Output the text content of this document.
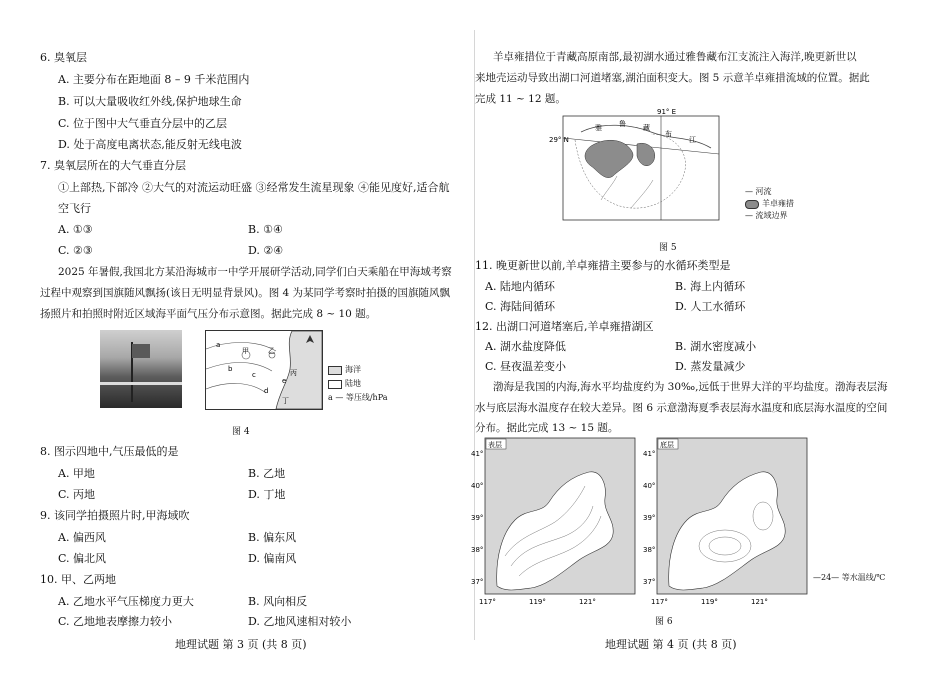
6. 臭氧层
A. 主要分布在距地面 8 – 9 千米范围内
B. 可以大量吸收红外线,保护地球生命
C. 位于图中大气垂直分层中的乙层
D. 处于高度电离状态,能反射无线电波
7. 臭氧层所在的大气垂直分层
①上部热,下部冷 ②大气的对流运动旺盛 ③经常发生流星现象 ④能见度好,适合航
空飞行
A. ①③	B. ①④
C. ②③	D. ②④
2025 年暑假,我国北方某沿海城市一中学开展研学活动,同学们白天乘船在甲海域考察
过程中观察到国旗随风飘扬(该日无明显背景风)。图 4 为某同学考察时拍摄的国旗随风飘
扬照片和拍照时附近区域海平面气压分布示意图。据此完成 8 ~ 10 题。
a
b
c
d
e
甲	乙
丙
丁
海洋
陆地
a — 等压线/hPa
图 4
8. 图示四地中,气压最低的是
A. 甲地	B. 乙地
C. 丙地	D. 丁地
9. 该同学拍摄照片时,甲海域吹
A. 偏西风	B. 偏东风
C. 偏北风	D. 偏南风
10. 甲、乙两地
A. 乙地水平气压梯度力更大	B. 风向相反
C. 乙地地表摩擦力较小	D. 乙地风速相对较小
地理试题 第 3 页 (共 8 页)
羊卓雍措位于青藏高原南部,最初湖水通过雅鲁藏布江支流注入海洋,晚更新世以
来地壳运动导致出湖口河道堵塞,湖泊面积变大。图 5 示意羊卓雍措流域的位置。据此
完成 11 ~ 12 题。
91° E
29° N
雅 鲁 藏
布
江
— 河流
羊卓雍措
— 流域边界
图 5
11. 晚更新世以前,羊卓雍措主要参与的水循环类型是
A. 陆地内循环	B. 海上内循环
C. 海陆间循环	D. 人工水循环
12. 出湖口河道堵塞后,羊卓雍措湖区
A. 湖水盐度降低	B. 湖水密度减小
C. 昼夜温差变小	D. 蒸发量减少
渤海是我国的内海,海水平均盐度约为 30‰,远低于世界大洋的平均盐度。渤海表层海
水与底层海水温度存在较大差异。图 6 示意渤海夏季表层海水温度和底层海水温度的空间
分布。据此完成 13 ~ 15 题。
表层	底层
41°
40°
39°
38°
37°
41°
40°
39°
38°
37°
117°	119°	121°	117°	119°	121°
—24— 等水温线/℃
图 6
地理试题 第 4 页 (共 8 页)
